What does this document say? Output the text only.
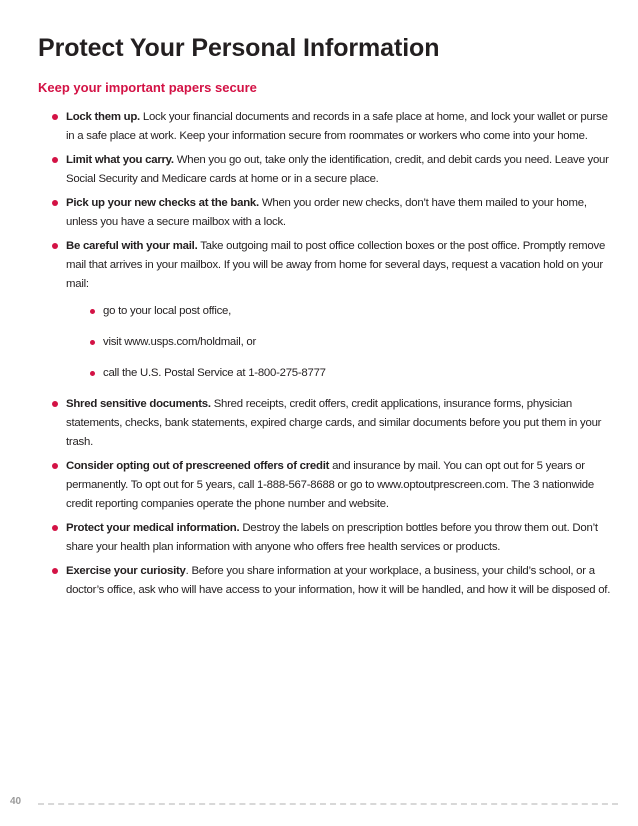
Protect Your Personal Information
Keep your important papers secure
Lock them up. Lock your financial documents and records in a safe place at home, and lock your wallet or purse in a safe place at work. Keep your information secure from roommates or workers who come into your home.
Limit what you carry. When you go out, take only the identification, credit, and debit cards you need. Leave your Social Security and Medicare cards at home or in a secure place.
Pick up your new checks at the bank. When you order new checks, don’t have them mailed to your home, unless you have a secure mailbox with a lock.
Be careful with your mail. Take outgoing mail to post office collection boxes or the post office. Promptly remove mail that arrives in your mailbox. If you will be away from home for several days, request a vacation hold on your mail:
go to your local post office,
visit www.usps.com/holdmail, or
call the U.S. Postal Service at 1-800-275-8777
Shred sensitive documents. Shred receipts, credit offers, credit applications, insurance forms, physician statements, checks, bank statements, expired charge cards, and similar documents before you put them in your trash.
Consider opting out of prescreened offers of credit and insurance by mail. You can opt out for 5 years or permanently. To opt out for 5 years, call 1-888-567-8688 or go to www.optoutprescreen.com. The 3 nationwide credit reporting companies operate the phone number and website.
Protect your medical information. Destroy the labels on prescription bottles before you throw them out. Don’t share your health plan information with anyone who offers free health services or products.
Exercise your curiosity. Before you share information at your workplace, a business, your child’s school, or a doctor’s office, ask who will have access to your information, how it will be handled, and how it will be disposed of.
40
